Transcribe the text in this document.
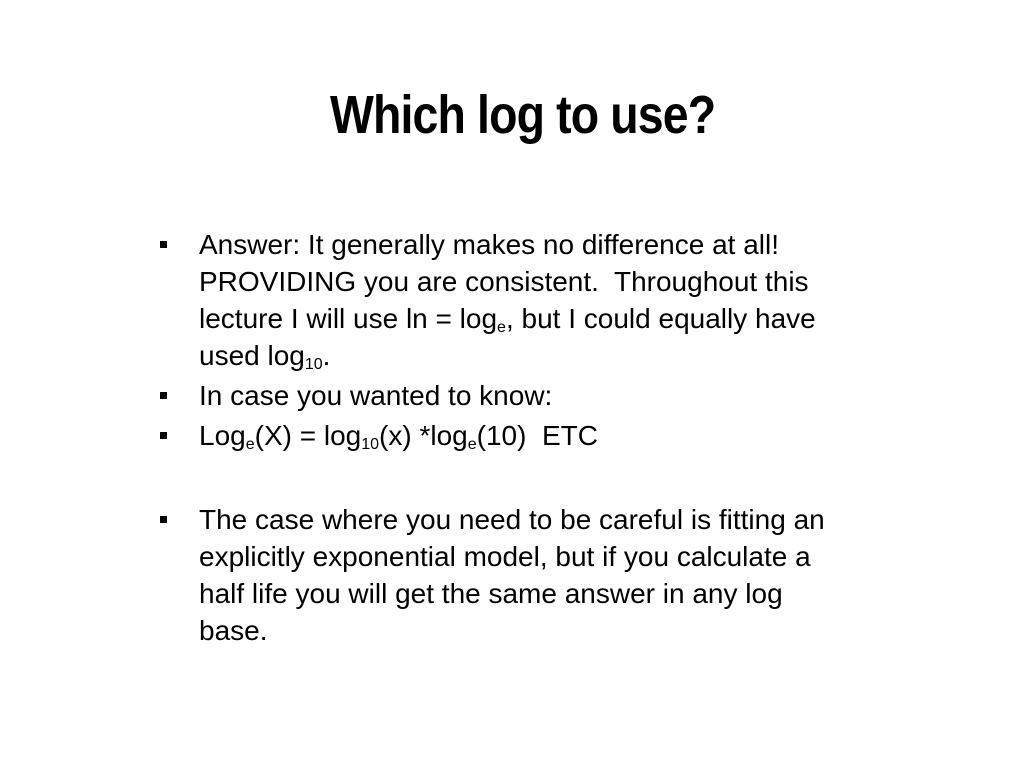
Which log to use?
Answer: It generally makes no difference at all!
PROVIDING you are consistent.  Throughout this
lecture I will use $\ln = \log_e$, but I could equally have
used $\log_{10}$.
In case you wanted to know:
$Log_e(X) = \log_{10}(x)$ $*\log_e(10)$  ETC
The case where you need to be careful is fitting an
explicitly exponential model, but if you calculate a
half life you will get the same answer in any log
base.
